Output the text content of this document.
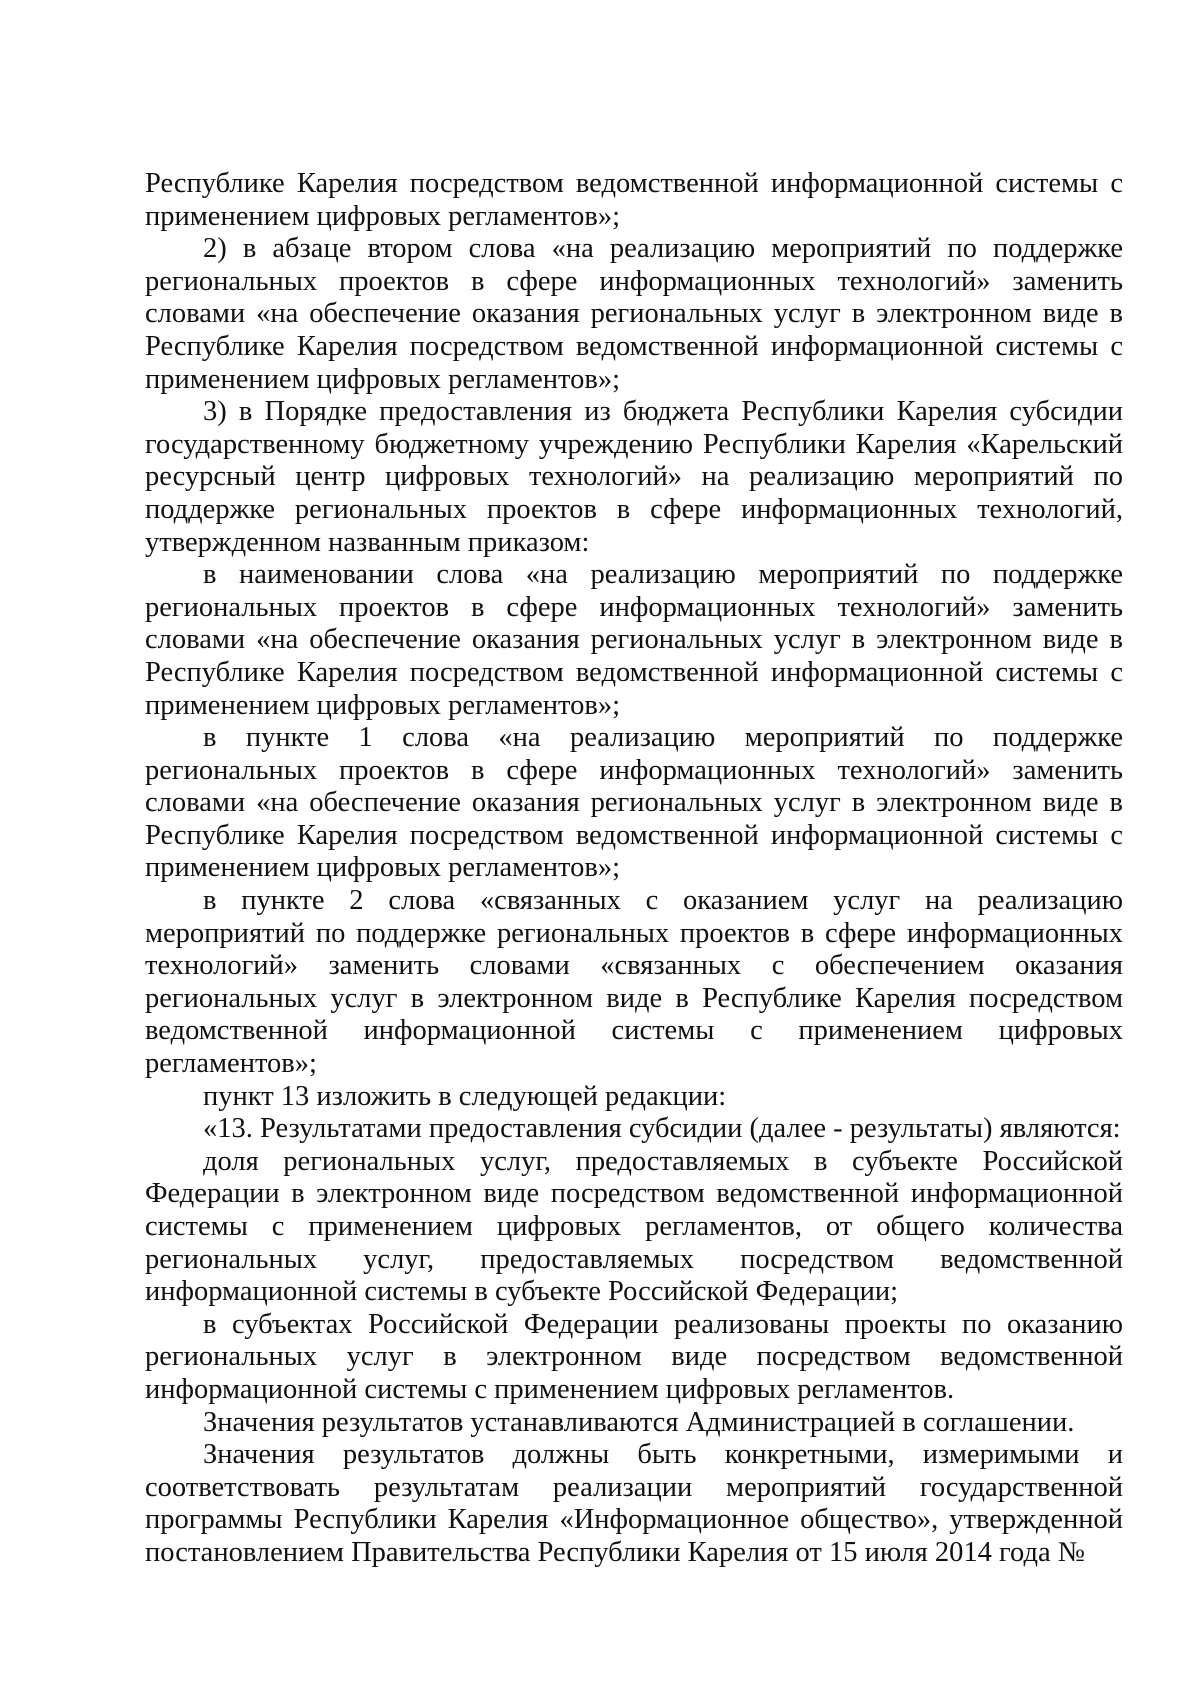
Республике Карелия посредством ведомственной информационной системы с применением цифровых регламентов»;

2) в абзаце втором слова «на реализацию мероприятий по поддержке региональных проектов в сфере информационных технологий» заменить словами «на обеспечение оказания региональных услуг в электронном виде в Республике Карелия посредством ведомственной информационной системы с применением цифровых регламентов»;

3) в Порядке предоставления из бюджета Республики Карелия субсидии государственному бюджетному учреждению Республики Карелия «Карельский ресурсный центр цифровых технологий» на реализацию мероприятий по поддержке региональных проектов в сфере информационных технологий, утвержденном названным приказом:

в наименовании слова «на реализацию мероприятий по поддержке региональных проектов в сфере информационных технологий» заменить словами «на обеспечение оказания региональных услуг в электронном виде в Республике Карелия посредством ведомственной информационной системы с применением цифровых регламентов»;

в пункте 1 слова «на реализацию мероприятий по поддержке региональных проектов в сфере информационных технологий» заменить словами «на обеспечение оказания региональных услуг в электронном виде в Республике Карелия посредством ведомственной информационной системы с применением цифровых регламентов»;

в пункте 2 слова «связанных с оказанием услуг на реализацию мероприятий по поддержке региональных проектов в сфере информационных технологий» заменить словами «связанных с обеспечением оказания региональных услуг в электронном виде в Республике Карелия посредством ведомственной информационной системы с применением цифровых регламентов»;

пункт 13 изложить в следующей редакции:

«13. Результатами предоставления субсидии (далее - результаты) являются:

доля региональных услуг, предоставляемых в субъекте Российской Федерации в электронном виде посредством ведомственной информационной системы с применением цифровых регламентов, от общего количества региональных услуг, предоставляемых посредством ведомственной информационной системы в субъекте Российской Федерации;

в субъектах Российской Федерации реализованы проекты по оказанию региональных услуг в электронном виде посредством ведомственной информационной системы с применением цифровых регламентов.

Значения результатов устанавливаются Администрацией в соглашении.

Значения результатов должны быть конкретными, измеримыми и соответствовать результатам реализации мероприятий государственной программы Республики Карелия «Информационное общество», утвержденной постановлением Правительства Республики Карелия от 15 июля 2014 года №
